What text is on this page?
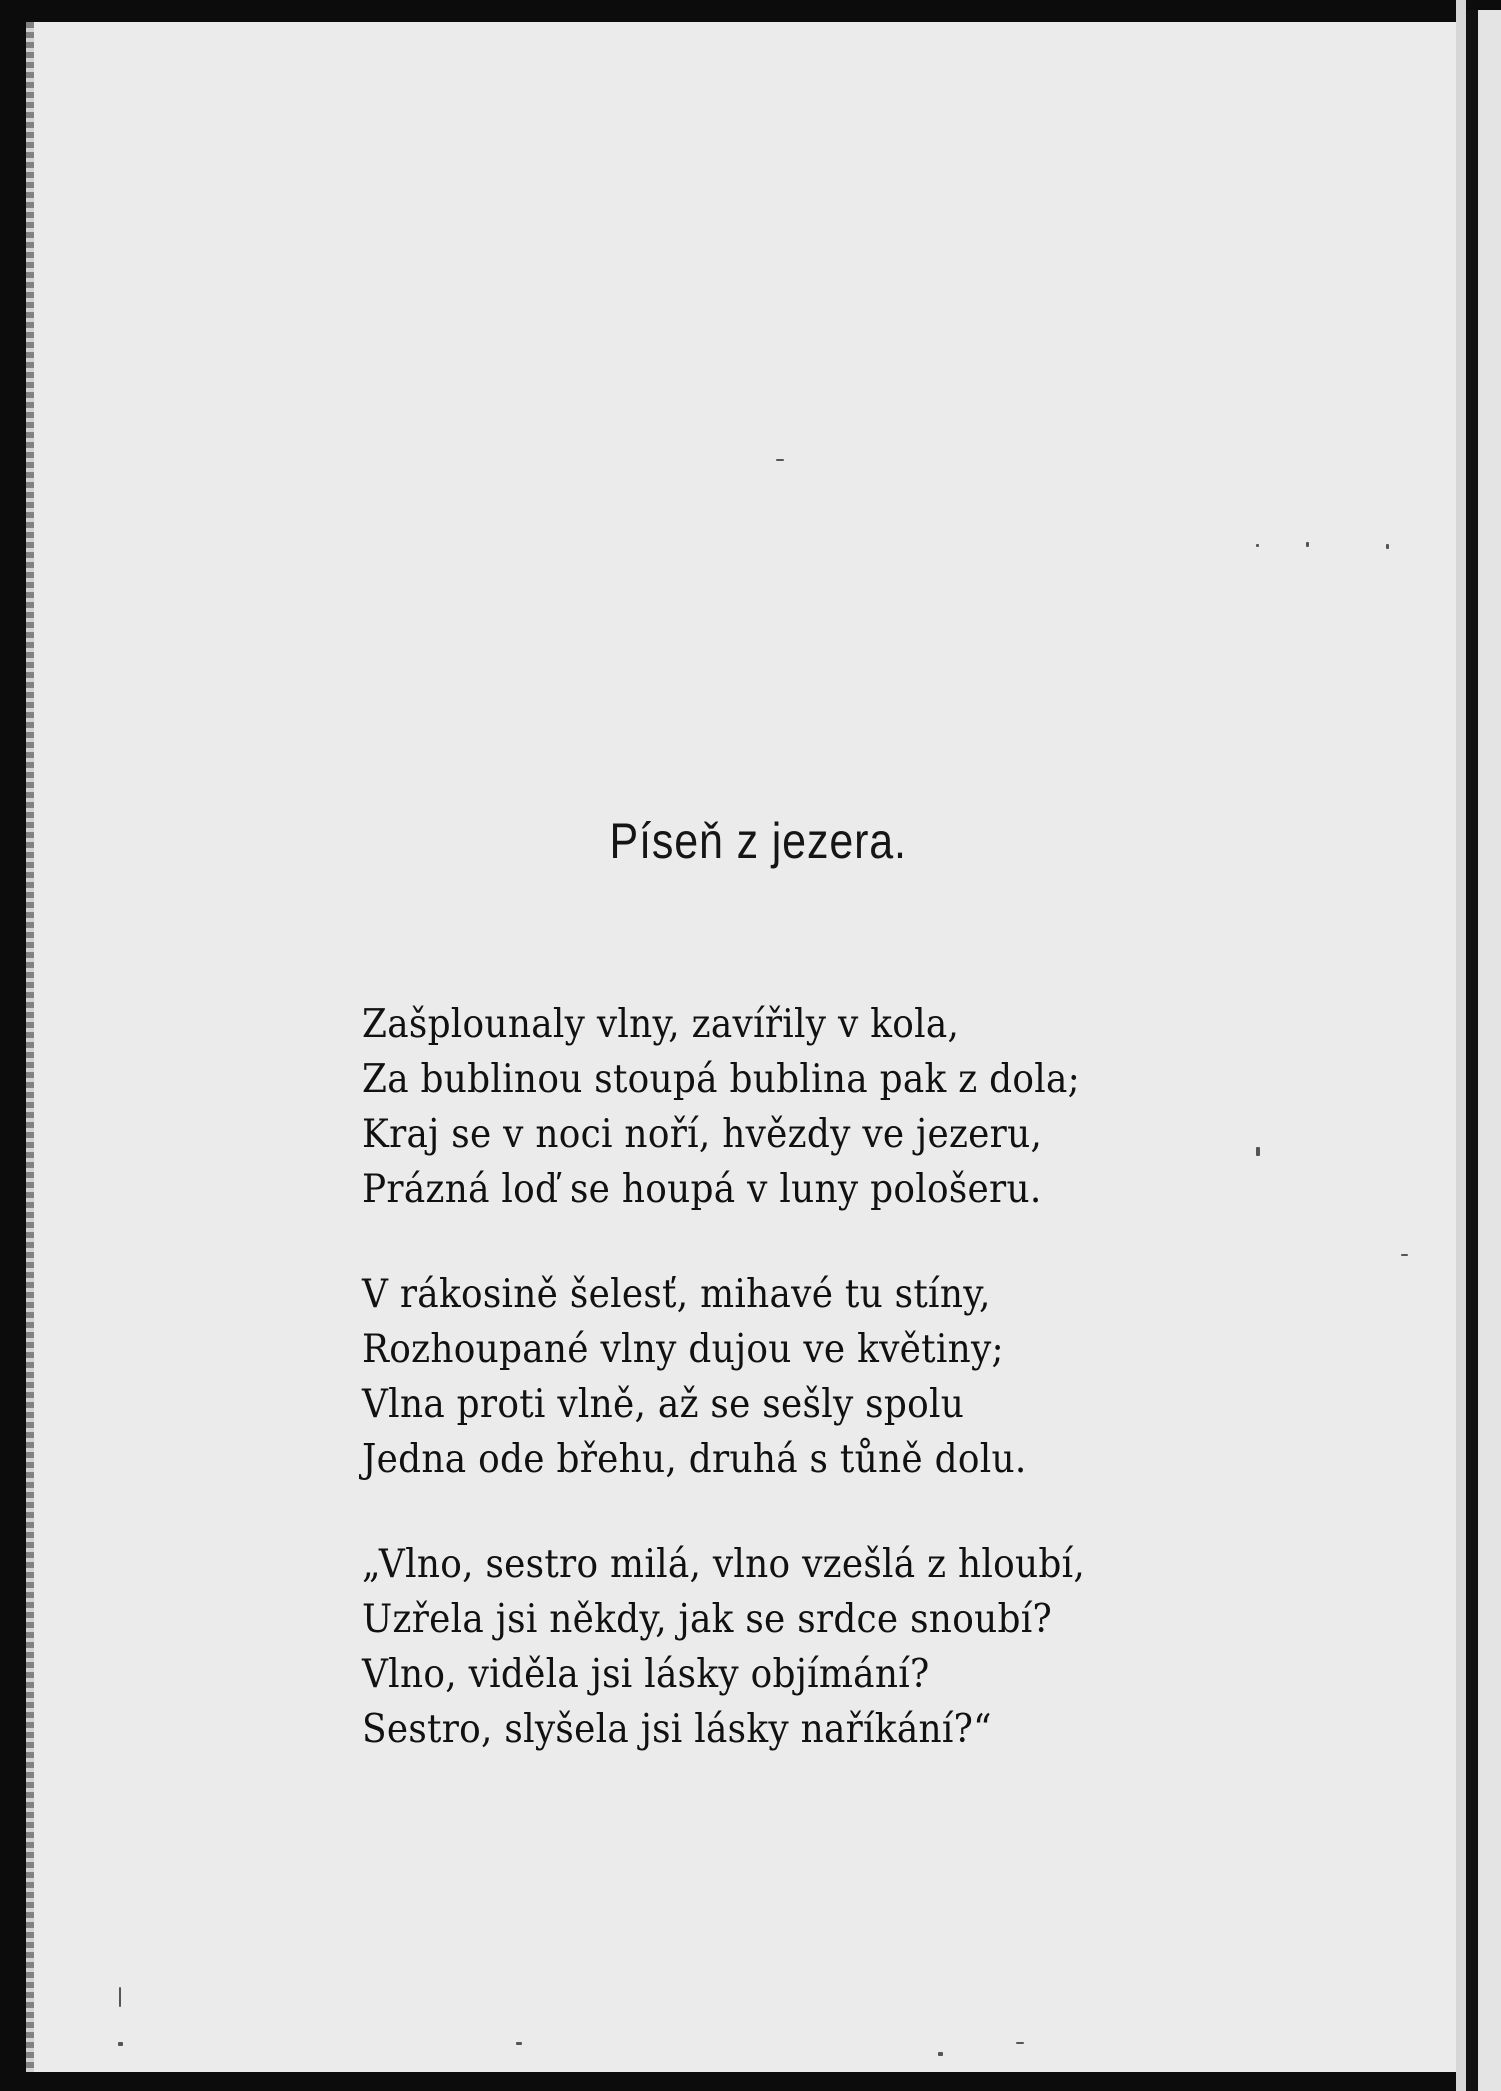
Píseň z jezera.
Zašplounaly vlny, zavířily v kola,
Za bublinou stoupá bublina pak z dola;
Kraj se v noci noří, hvězdy ve jezeru,
Prázná loď se houpá v luny pološeru.
V rákosině šelesť, mihavé tu stíny,
Rozhoupané vlny dujou ve květiny;
Vlna proti vlně, až se sešly spolu
Jedna ode břehu, druhá s tůně dolu.
„Vlno, sestro milá, vlno vzešlá z hloubí,
Uzřela jsi někdy, jak se srdce snoubí?
Vlno, viděla jsi lásky objímání?
Sestro, slyšela jsi lásky naříkání?“
